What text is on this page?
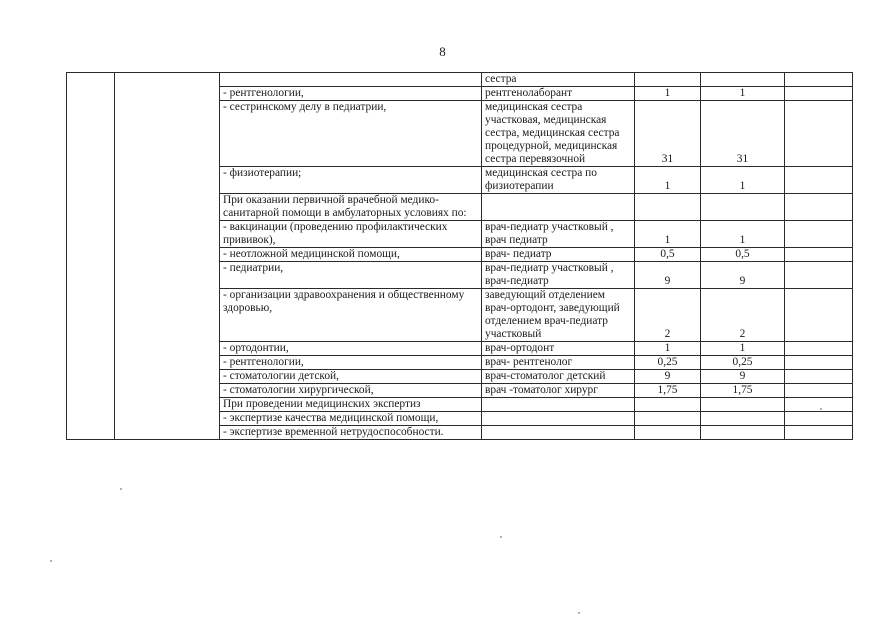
8
			сестра			
		- рентгенологии,	рентгенолаборант	1	1	
		- сестринскому делу в педиатрии,	медицинская сестра участковая, медицинская сестра, медицинская сестра процедурной, медицинская сестра перевязочной	31	31	
		- физиотерапии;	медицинская сестра по физиотерапии	1	1	
		При оказании первичной врачебной медико-санитарной помощи в амбулаторных условиях по:				
		- вакцинации (проведению профилактических прививок),	врач-педиатр участковый , врач педиатр	1	1	
		- неотложной медицинской помощи,	врач- педиатр	0,5	0,5	
		- педиатрии,	врач-педиатр участковый , врач-педиатр	9	9	
		- организации здравоохранения и общественному здоровью,	заведующий отделением врач-ортодонт, заведующий отделением врач-педиатр участковый	2	2	
		- ортодонтии,	врач-ортодонт	1	1	
		- рентгенологии,	врач- рентгенолог	0,25	0,25	
		- стоматологии детской,	врач-стоматолог детский	9	9	
		- стоматологии хирургической,	врач -томатолог хирург	1,75	1,75	
		При проведении медицинских экспертиз				
		- экспертизе качества медицинской помощи,				
		- экспертизе временной нетрудоспособности.				
